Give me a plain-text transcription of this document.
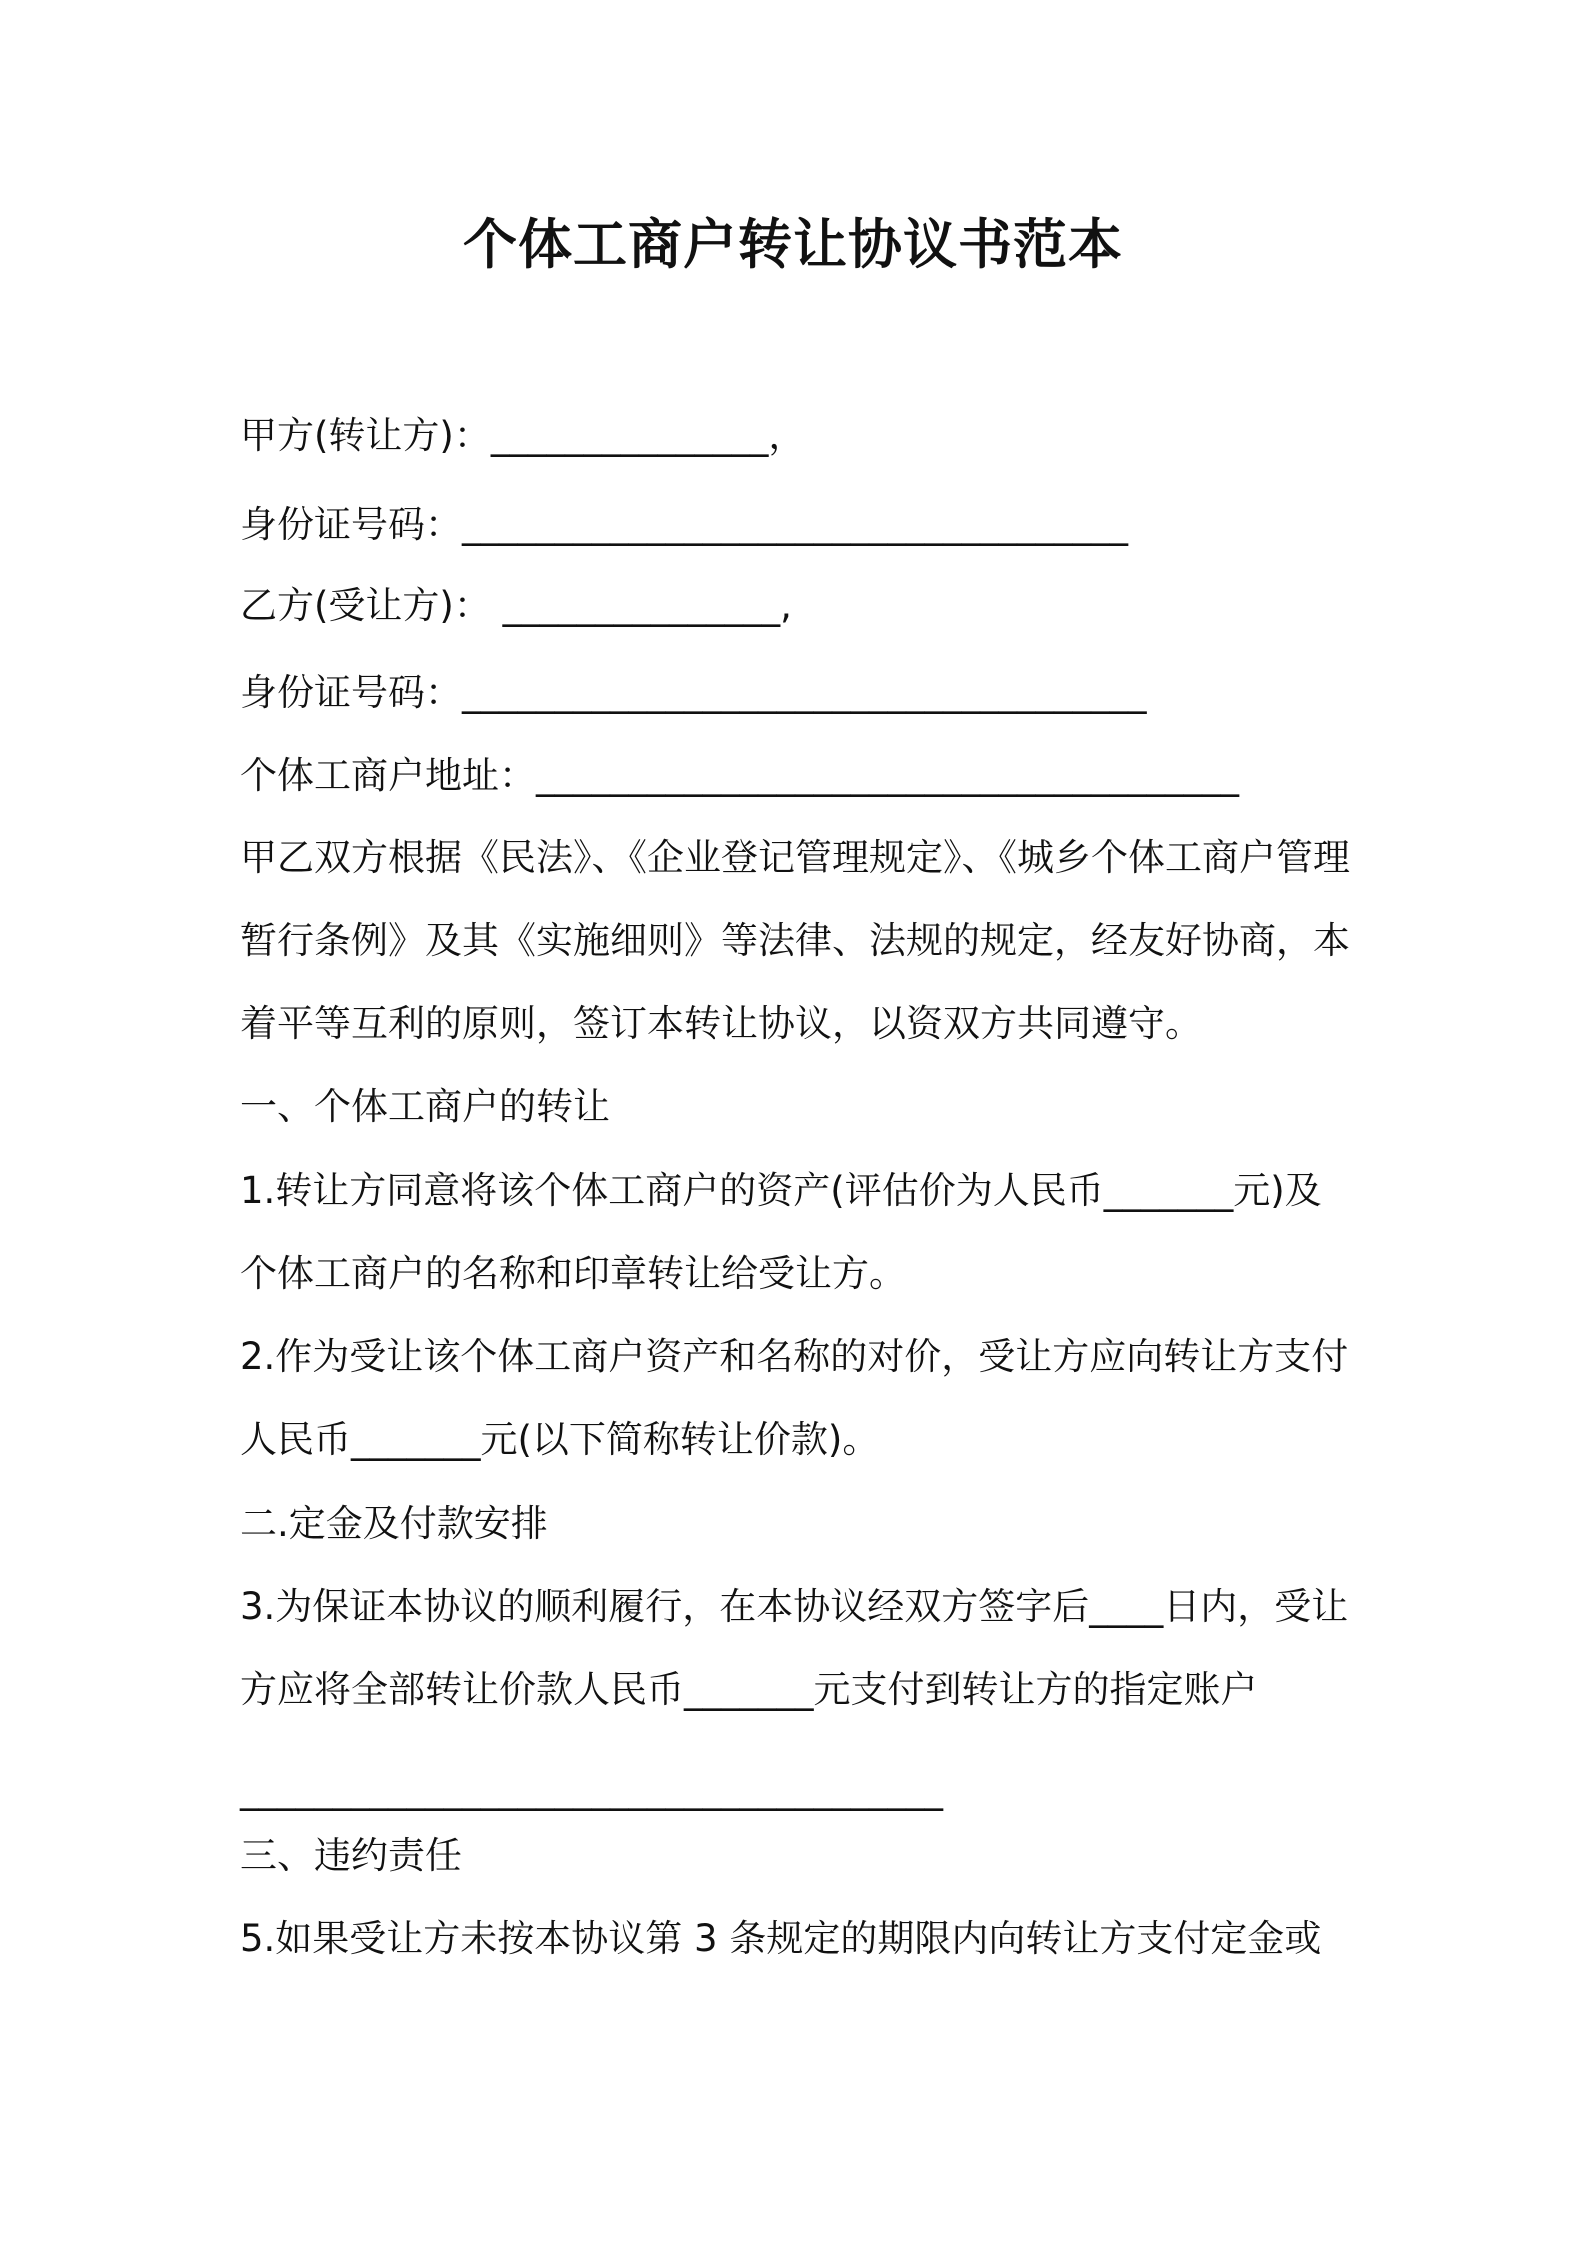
个体工商户转让协议书范本
甲方(转让方)：_______________，
身份证号码：____________________________________
乙方(受让方)： _______________,
身份证号码：_____________________________________
个体工商户地址：______________________________________
甲乙双方根据《民法》、《企业登记管理规定》、《城乡个体工商户管理
暂行条例》及其《实施细则》等法律、法规的规定，经友好协商，本
着平等互利的原则，签订本转让协议，以资双方共同遵守。
一、个体工商户的转让
1.转让方同意将该个体工商户的资产(评估价为人民币_______元)及
个体工商户的名称和印章转让给受让方。
2.作为受让该个体工商户资产和名称的对价，受让方应向转让方支付
人民币_______元(以下简称转让价款)。
二.定金及付款安排
3.为保证本协议的顺利履行，在本协议经双方签字后____日内，受让
方应将全部转让价款人民币_______元支付到转让方的指定账户
______________________________________
三、违约责任
5.如果受让方未按本协议第 3 条规定的期限内向转让方支付定金或
